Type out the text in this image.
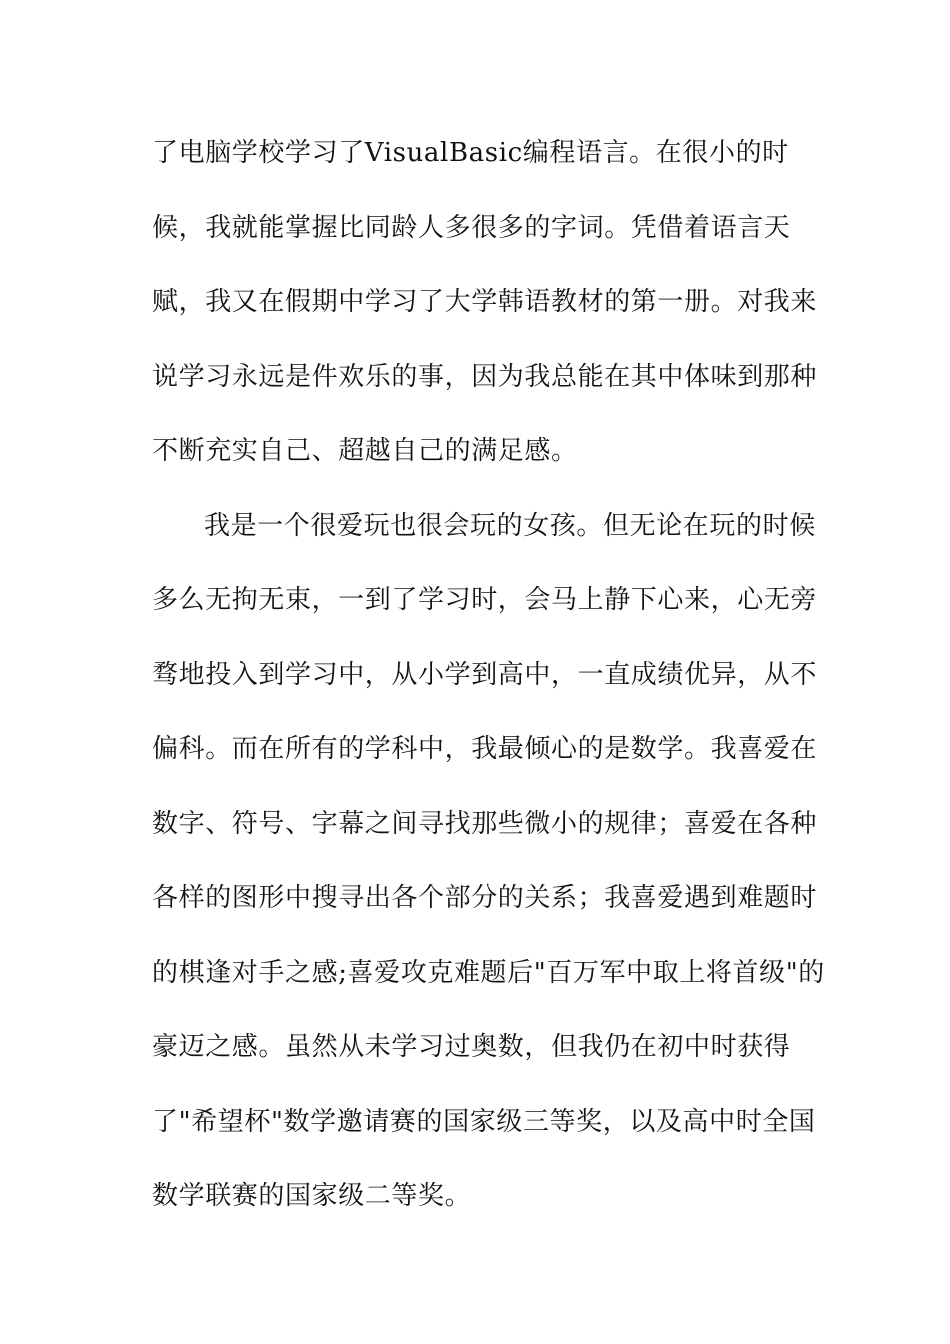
了电脑学校学习了VisualBasic编程语言。在很小的时
候，我就能掌握比同龄人多很多的字词。凭借着语言天
赋，我又在假期中学习了大学韩语教材的第一册。对我来
说学习永远是件欢乐的事，因为我总能在其中体味到那种
不断充实自己、超越自己的满足感。
我是一个很爱玩也很会玩的女孩。但无论在玩的时候
多么无拘无束，一到了学习时，会马上静下心来，心无旁
骛地投入到学习中，从小学到高中，一直成绩优异，从不
偏科。而在所有的学科中，我最倾心的是数学。我喜爱在
数字、符号、字幕之间寻找那些微小的规律；喜爱在各种
各样的图形中搜寻出各个部分的关系；我喜爱遇到难题时
的棋逢对手之感;喜爱攻克难题后"百万军中取上将首级"的
豪迈之感。虽然从未学习过奥数，但我仍在初中时获得
了"希望杯"数学邀请赛的国家级三等奖，以及高中时全国
数学联赛的国家级二等奖。
